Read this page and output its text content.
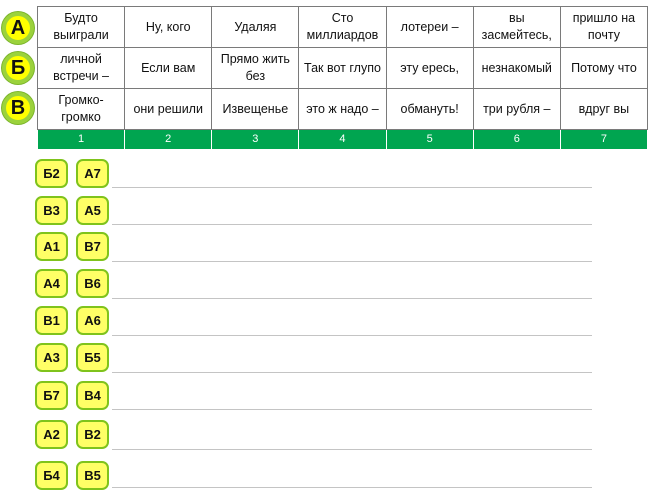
А
Б
В
Будто выиграли	Ну, кого	Удаляя	Сто миллиардов	лотереи –	вы засмейтесь,	пришло на почту
личной встречи –	Если вам	Прямо жить без	Так вот глупо	эту ересь,	незнакомый	Потому что
Громко-громко	они решили	Извещенье	это ж надо –	обмануть!	три рубля –	вдруг вы
1	2	3	4	5	6	7
Б2	А7
В3	А5
А1	В7
А4	В6
В1	А6
А3	Б5
Б7	В4
А2	В2
Б4	В5
